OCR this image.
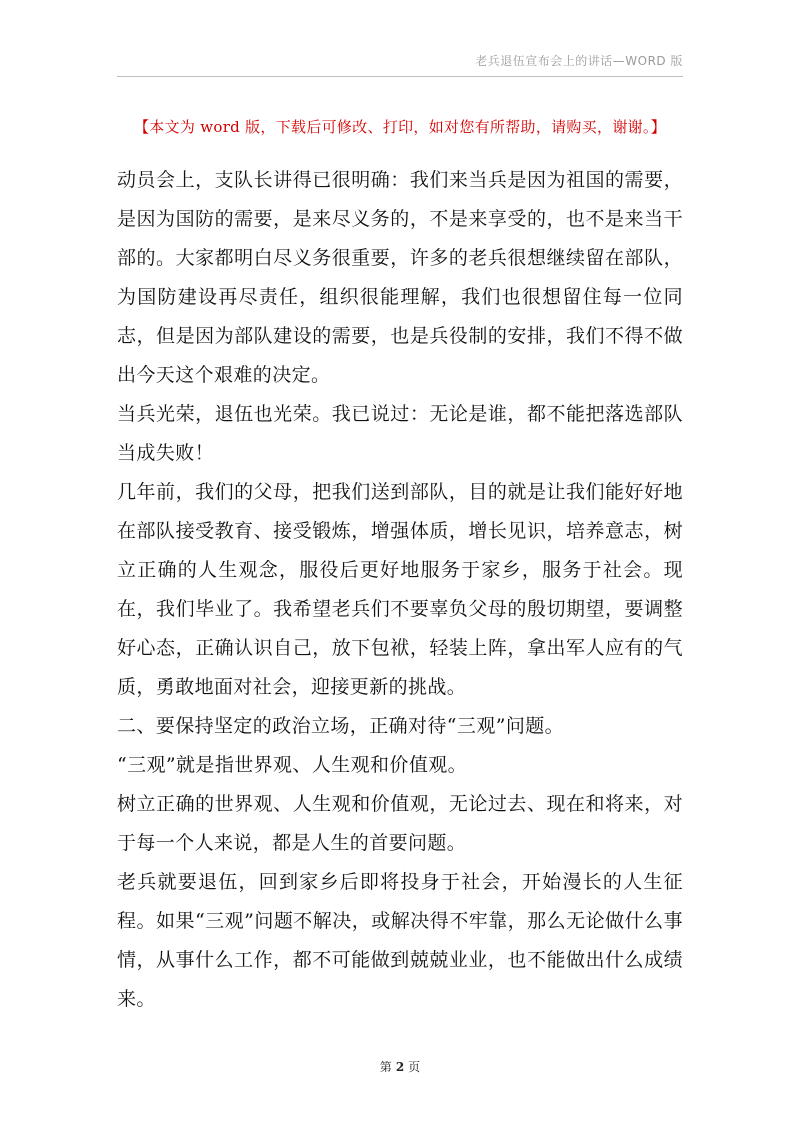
老兵退伍宣布会上的讲话—WORD 版
【本文为 word 版，下载后可修改、打印，如对您有所帮助，请购买，谢谢。】

动员会上，支队长讲得已很明确：我们来当兵是因为祖国的需要，是因为国防的需要，是来尽义务的，不是来享受的，也不是来当干部的。大家都明白尽义务很重要，许多的老兵很想继续留在部队，为国防建设再尽责任，组织很能理解，我们也很想留住每一位同志，但是因为部队建设的需要，也是兵役制的安排，我们不得不做出今天这个艰难的决定。

当兵光荣，退伍也光荣。我已说过：无论是谁，都不能把落选部队当成失败！

几年前，我们的父母，把我们送到部队，目的就是让我们能好好地在部队接受教育、接受锻炼，增强体质，增长见识，培养意志，树立正确的人生观念，服役后更好地服务于家乡，服务于社会。现在，我们毕业了。我希望老兵们不要辜负父母的殷切期望，要调整好心态，正确认识自己，放下包袱，轻装上阵，拿出军人应有的气质，勇敢地面对社会，迎接更新的挑战。

二、要保持坚定的政治立场，正确对待“三观”问题。

“三观”就是指世界观、人生观和价值观。

树立正确的世界观、人生观和价值观，无论过去、现在和将来，对于每一个人来说，都是人生的首要问题。

老兵就要退伍，回到家乡后即将投身于社会，开始漫长的人生征程。如果“三观”问题不解决，或解决得不牢靠，那么无论做什么事情，从事什么工作，都不可能做到兢兢业业，也不能做出什么成绩来。

第 2 页
